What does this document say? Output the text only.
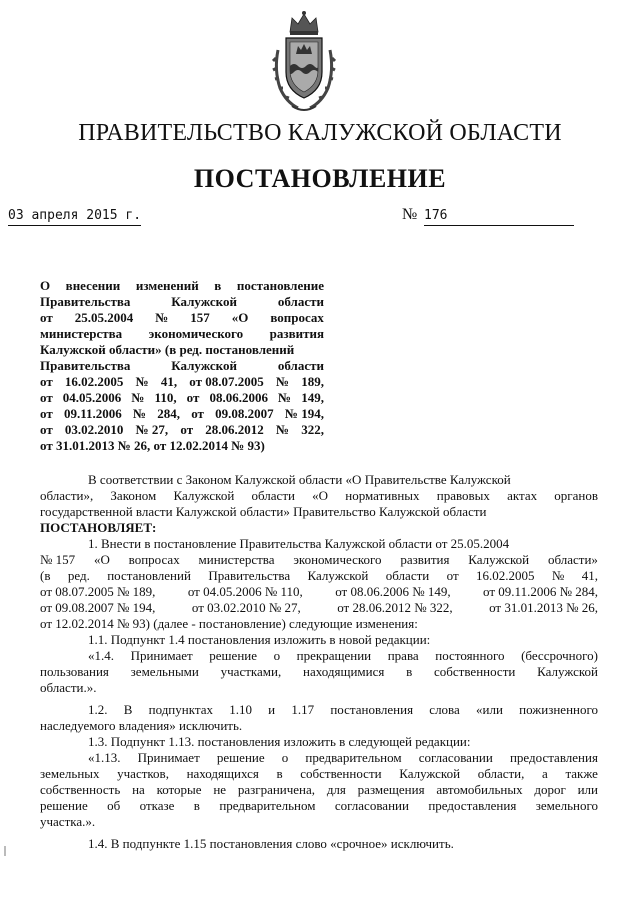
ПРАВИТЕЛЬСТВО КАЛУЖСКОЙ ОБЛАСТИ
ПОСТАНОВЛЕНИЕ
03 апреля 2015 г.	№ 176
О внесении изменений в постановление
Правительства	Калужской	области
от 25.05.2004 № 157 «О вопросах
министерства экономического развития
Калужской области» (в ред. постановлений
Правительства	Калужской	области
от 16.02.2005 № 41, от 08.07.2005 № 189,
от 04.05.2006 № 110, от 08.06.2006 № 149,
от 09.11.2006 № 284, от 09.08.2007 № 194,
от 03.02.2010 № 27, от 28.06.2012 № 322,
от 31.01.2013 № 26, от 12.02.2014 № 93)
В соответствии с Законом Калужской области «О Правительстве Калужской
области», Законом Калужской области «О нормативных правовых актах органов
государственной власти Калужской области» Правительство Калужской области
ПОСТАНОВЛЯЕТ:
1. Внести в постановление Правительства Калужской области от 25.05.2004
№ 157 «О вопросах министерства экономического развития Калужской области»
(в ред. постановлений Правительства Калужской области от 16.02.2005 № 41,
от 08.07.2005 № 189, от 04.05.2006 № 110, от 08.06.2006 № 149, от 09.11.2006 № 284,
от 09.08.2007 № 194,	от 03.02.2010 № 27,	от 28.06.2012 № 322,	от 31.01.2013 № 26,
от 12.02.2014 № 93) (далее - постановление) следующие изменения:
1.1. Подпункт 1.4 постановления изложить в новой редакции:
«1.4. Принимает решение о прекращении права постоянного (бессрочного)
пользования земельными участками, находящимися в собственности Калужской
области.».
1.2. В подпунктах 1.10 и 1.17 постановления слова «или пожизненного
наследуемого владения» исключить.
1.3. Подпункт 1.13. постановления изложить в следующей редакции:
«1.13. Принимает решение о предварительном согласовании предоставления
земельных участков, находящихся в собственности Калужской области, а также
собственность на которые не разграничена, для размещения автомобильных дорог или
решение об отказе в предварительном согласовании предоставления земельного
участка.».
1.4. В подпункте 1.15 постановления слово «срочное» исключить.
